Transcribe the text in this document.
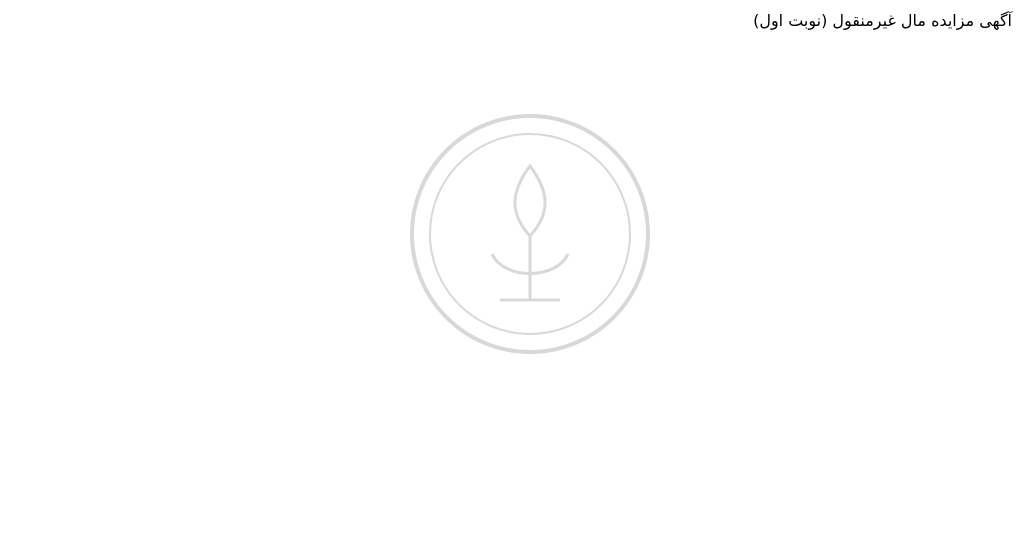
آگهی مزایده مال غیرمنقول (نوبت اول)
